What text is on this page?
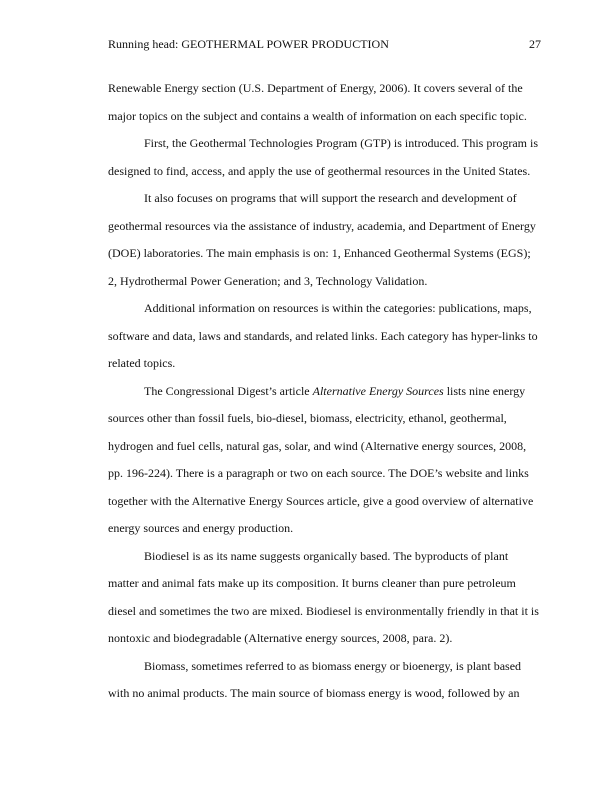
Running head: GEOTHERMAL POWER PRODUCTION	27

Renewable Energy section (U.S. Department of Energy, 2006). It covers several of the major topics on the subject and contains a wealth of information on each specific topic.

First, the Geothermal Technologies Program (GTP) is introduced. This program is designed to find, access, and apply the use of geothermal resources in the United States.

It also focuses on programs that will support the research and development of geothermal resources via the assistance of industry, academia, and Department of Energy (DOE) laboratories. The main emphasis is on: 1, Enhanced Geothermal Systems (EGS); 2, Hydrothermal Power Generation; and 3, Technology Validation.

Additional information on resources is within the categories: publications, maps, software and data, laws and standards, and related links. Each category has hyper-links to related topics.

The Congressional Digest’s article Alternative Energy Sources lists nine energy sources other than fossil fuels, bio-diesel, biomass, electricity, ethanol, geothermal, hydrogen and fuel cells, natural gas, solar, and wind (Alternative energy sources, 2008, pp. 196-224). There is a paragraph or two on each source. The DOE’s website and links together with the Alternative Energy Sources article, give a good overview of alternative energy sources and energy production.

Biodiesel is as its name suggests organically based. The byproducts of plant matter and animal fats make up its composition. It burns cleaner than pure petroleum diesel and sometimes the two are mixed. Biodiesel is environmentally friendly in that it is nontoxic and biodegradable (Alternative energy sources, 2008, para. 2).

Biomass, sometimes referred to as biomass energy or bioenergy, is plant based with no animal products. The main source of biomass energy is wood, followed by an
